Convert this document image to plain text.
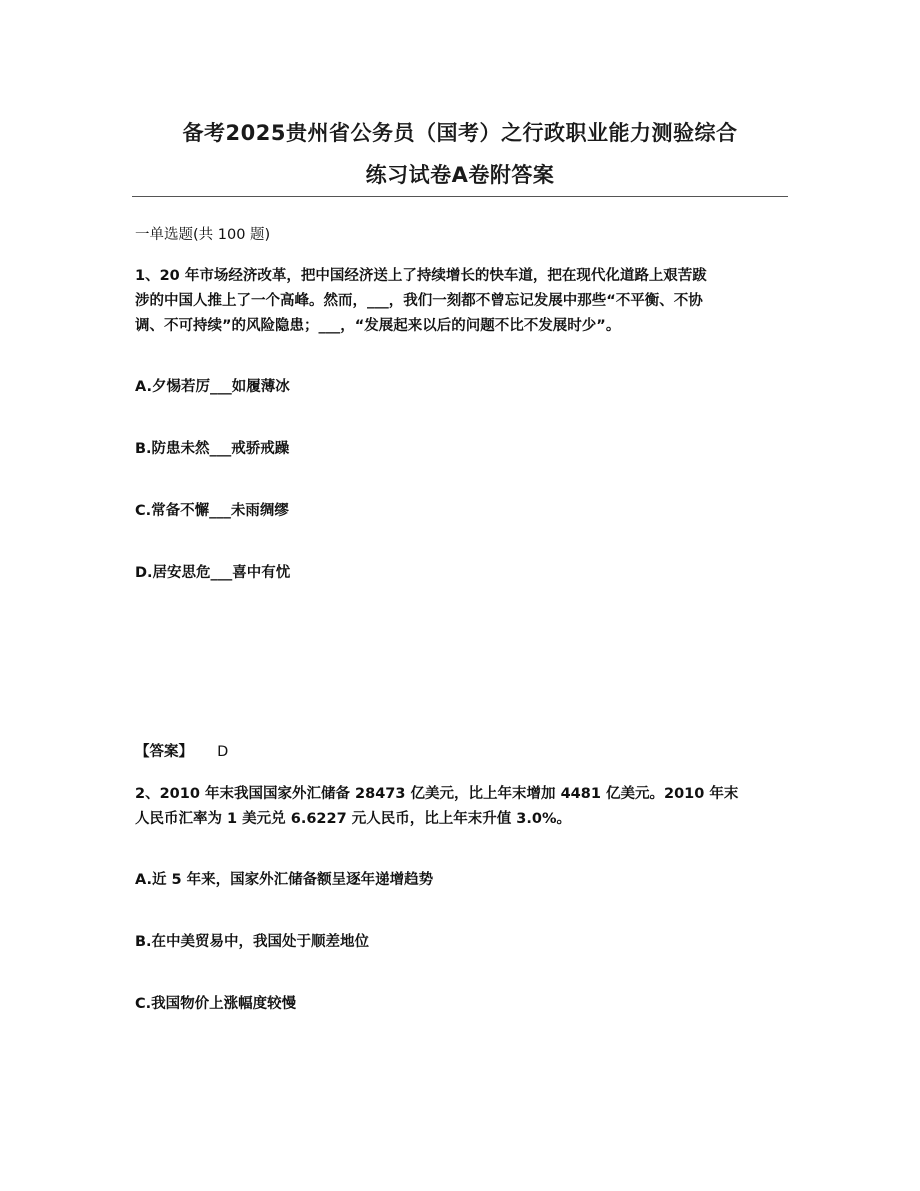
备考2025贵州省公务员（国考）之行政职业能力测验综合
练习试卷A卷附答案
一单选题(共 100 题)
1、20 年市场经济改革，把中国经济送上了持续增长的快车道，把在现代化道路上艰苦跋
涉的中国人推上了一个高峰。然而，___，我们一刻都不曾忘记发展中那些“不平衡、不协
调、不可持续”的风险隐患；___，“发展起来以后的问题不比不发展时少”。
A.夕惕若厉___如履薄冰
B.防患未然___戒骄戒躁
C.常备不懈___未雨绸缪
D.居安思危___喜中有忧
【答案】 D
2、2010 年末我国国家外汇储备 28473 亿美元，比上年末增加 4481 亿美元。2010 年末
人民币汇率为 1 美元兑 6.6227 元人民币，比上年末升值 3.0%。
A.近 5 年来，国家外汇储备额呈逐年递增趋势
B.在中美贸易中，我国处于顺差地位
C.我国物价上涨幅度较慢
